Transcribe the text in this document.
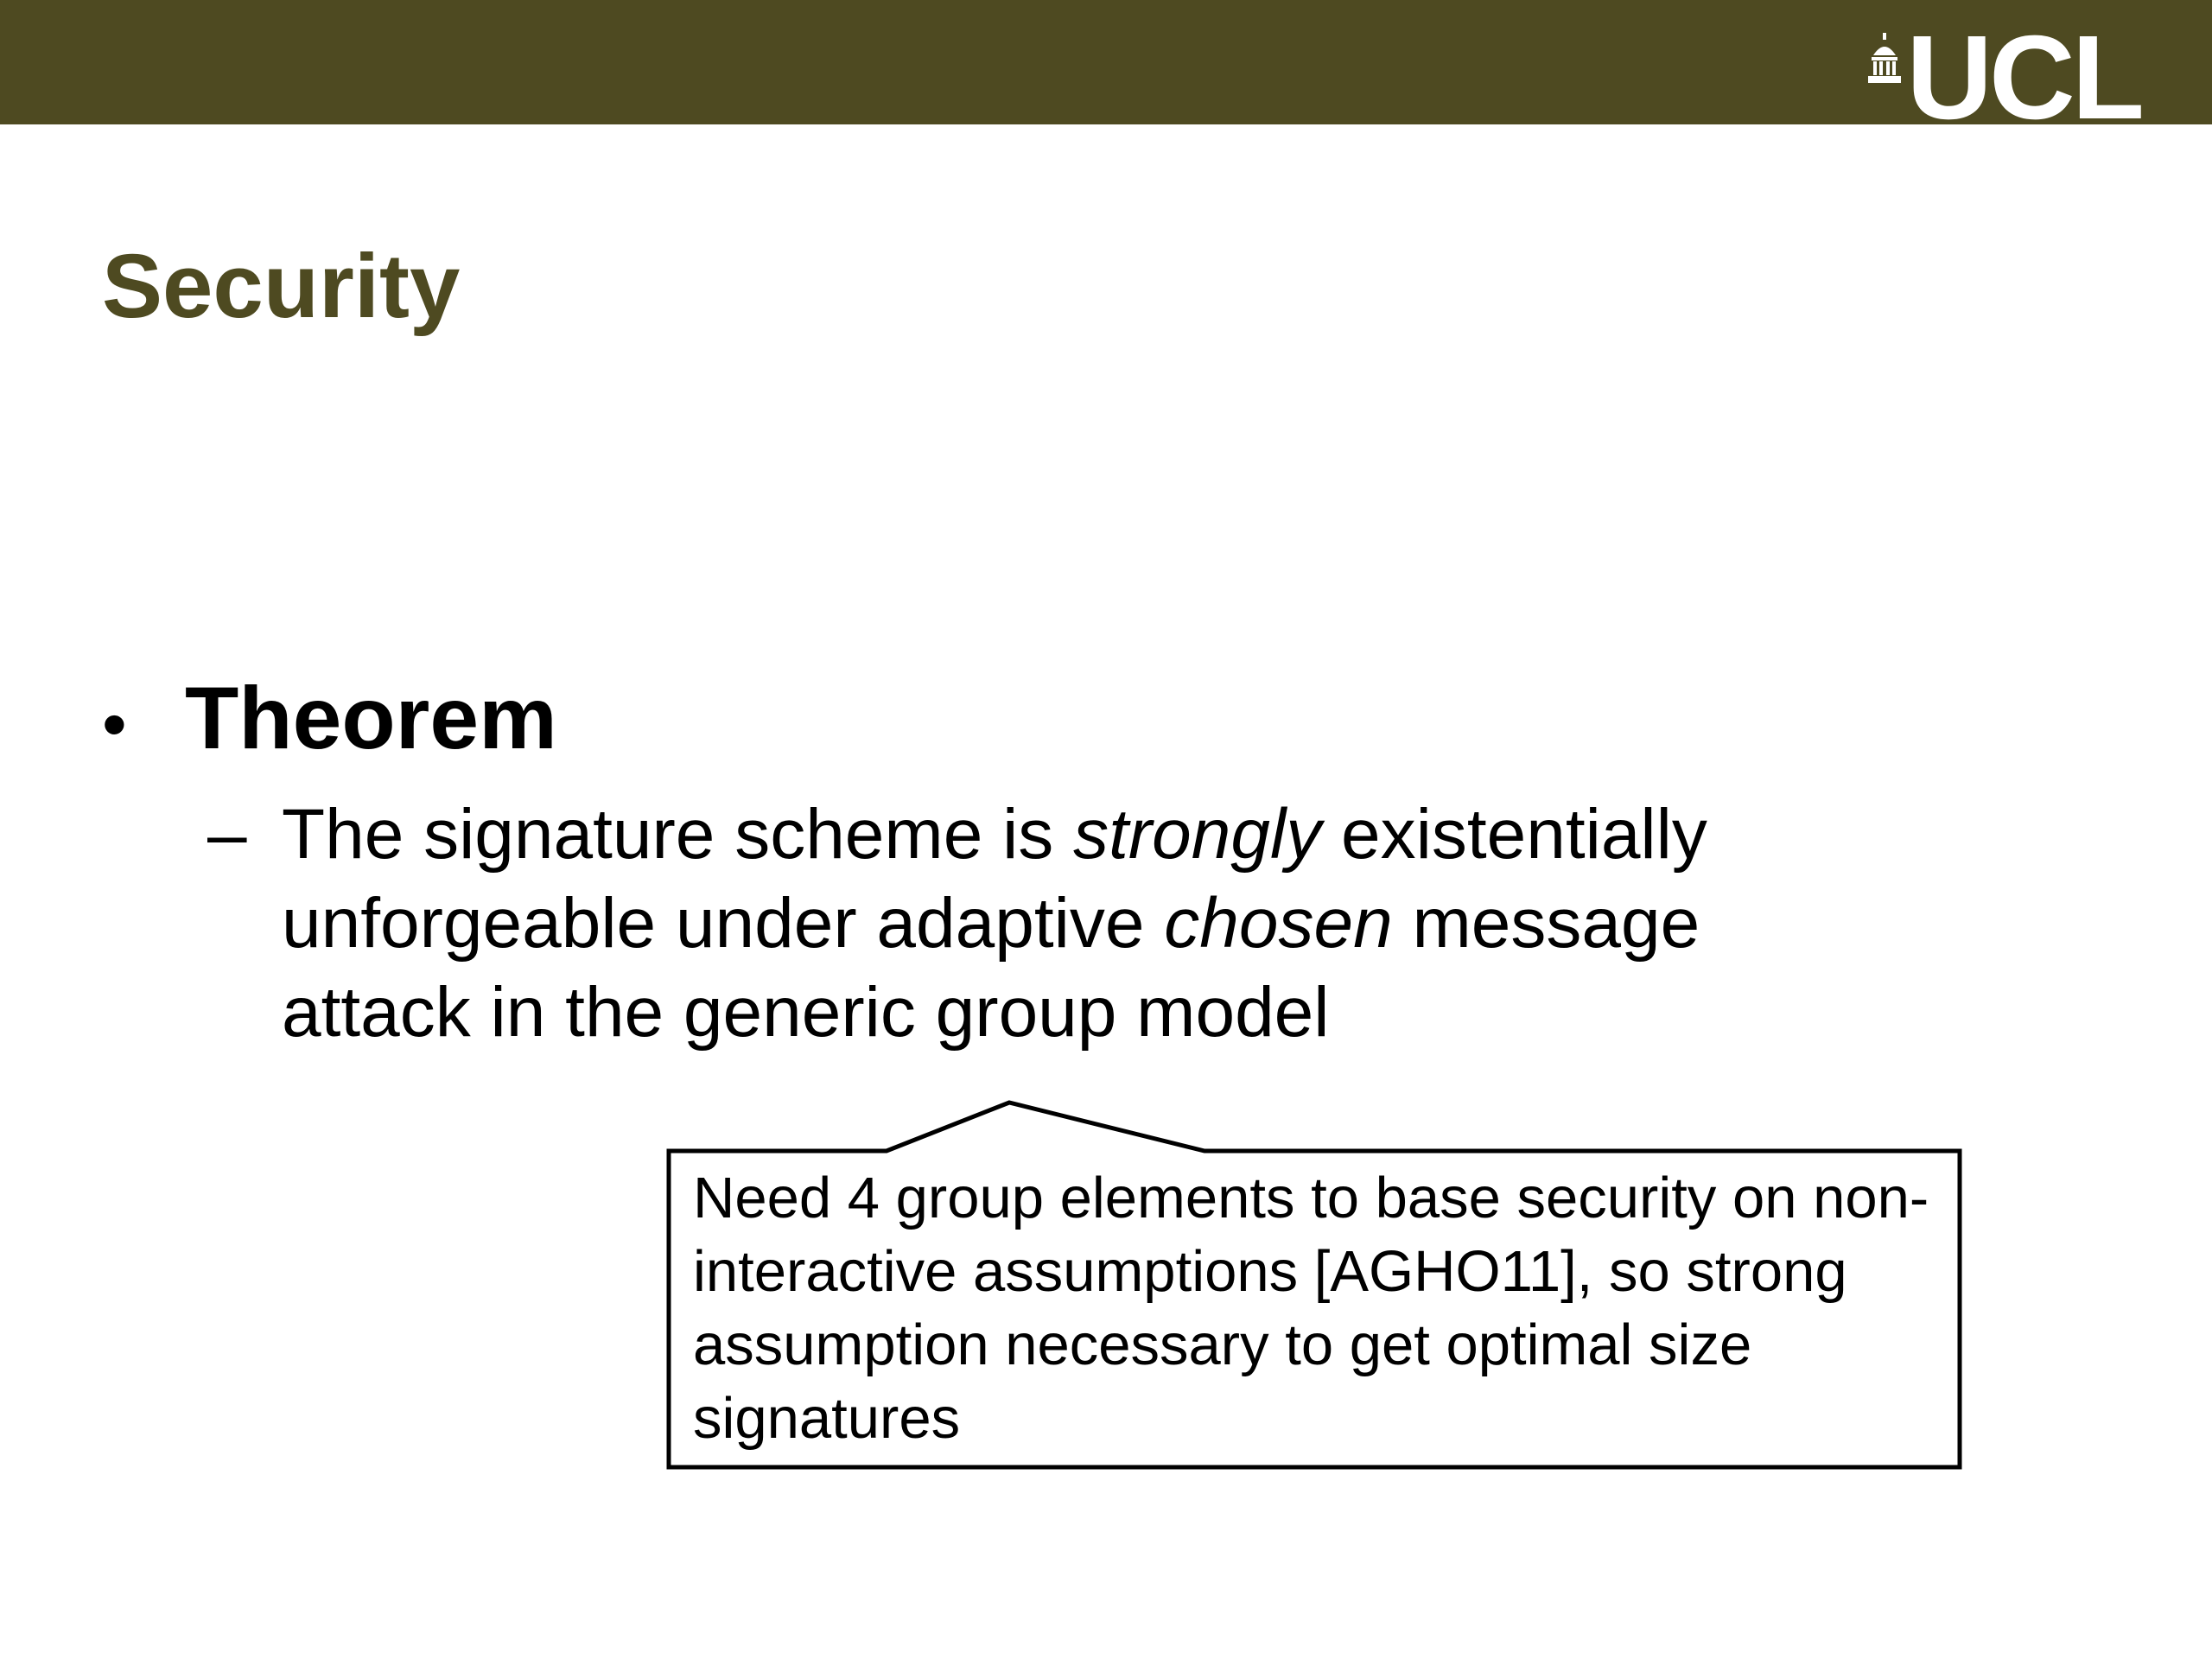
UCL
Security
• Theorem
– The signature scheme is strongly existentially unforgeable under adaptive chosen message attack in the generic group model
Need 4 group elements to base security on non-interactive assumptions [AGHO11], so strong assumption necessary to get optimal size signatures
